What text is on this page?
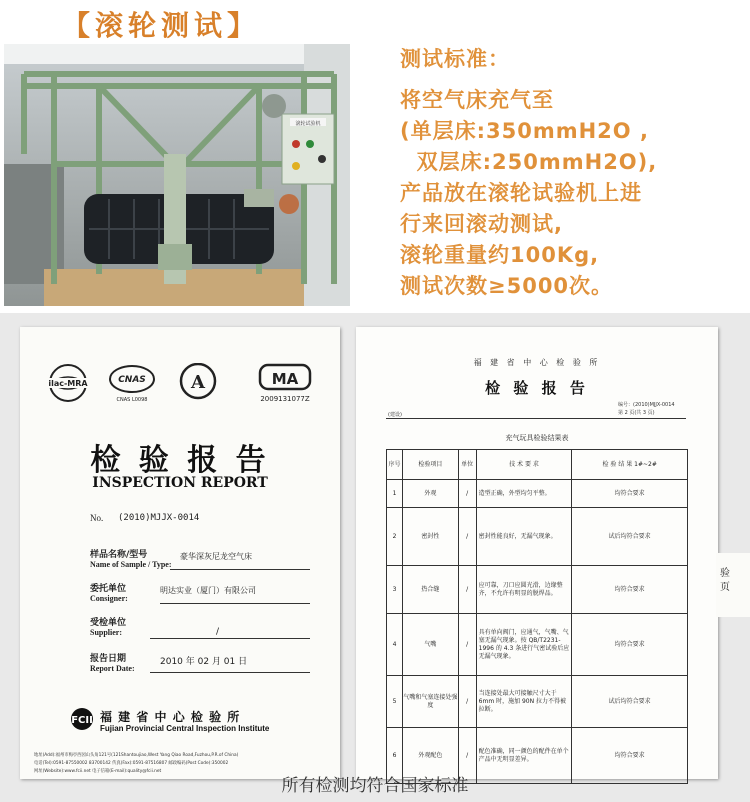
【滚轮测试】
滚轮试验机
测试标准：
将空气床充气至
(单层床:350mmH2O ,
双层床:250mmH2O),
产品放在滚轮试验机上进
行来回滚动测试,
滚轮重量约100Kg,
测试次数≥5000次。
ilac-MRA	CNAS
CNAS L0098
A
CAL
MA
2009131077Z
检 验 报 告
INSPECTION REPORT
No. (2010)MJJX-0014
样品名称/型号
Name of Sample / Type:
豪华深灰尼龙空气床
委托单位
Consigner:
明达实业（厦门）有限公司
受检单位
Supplier:	/
报告日期
Report Date:
2010 年 02 月 01 日
FCII 福 建 省 中 心 检 验 所
Fujian Provincial Central Inspection Institute
地址(Add):福州市梅亭西园山头角121号(121Shantoujiao,West Yang Qiao Road,Fuzhou,P.R.of China)
电话(Tel):0591-87550002 83700142 传真(Fax):0591-87516807 邮政编码(Post Code):350002
网址(Website):www.fcii.net 电子信箱(E-mail):quality@fcii.net
福 建 省 中 心 检 验 所
检 验 报 告
(建设)
编号：(2010)MJJX-0014
第 2 页(共 3 页)
充气玩具检验结果表
序号	检验项目	单位	技 术 要 求	检 验 结 果 1#~2#
1	外观	/	造型正确，外型均匀平整。	均符合要求
2	密封性	/	密封性能良好，无漏气现象。	试后均符合要求
3	热合缝	/	应可靠，刀口应圆光滑，边缘整齐，不允许有明显的脱焊品。	均符合要求
4	气嘴	/	具有单向阀门，应通气，气嘴、气塞无漏气现象。按 QB/T2231-1996 的 4.3 条进行气密试验后应无漏气现象。	均符合要求
5	气嘴和气塞连接处强度	/	当连接处最大可接触尺寸大于6mm 时，施加 90N 拉力不得被拉断。	试后均符合要求
6	外观配色	/	配色准确，同一颜色的配件在单个产品中无明显差异。	均符合要求
验
页
所有检测均符合国家标准
